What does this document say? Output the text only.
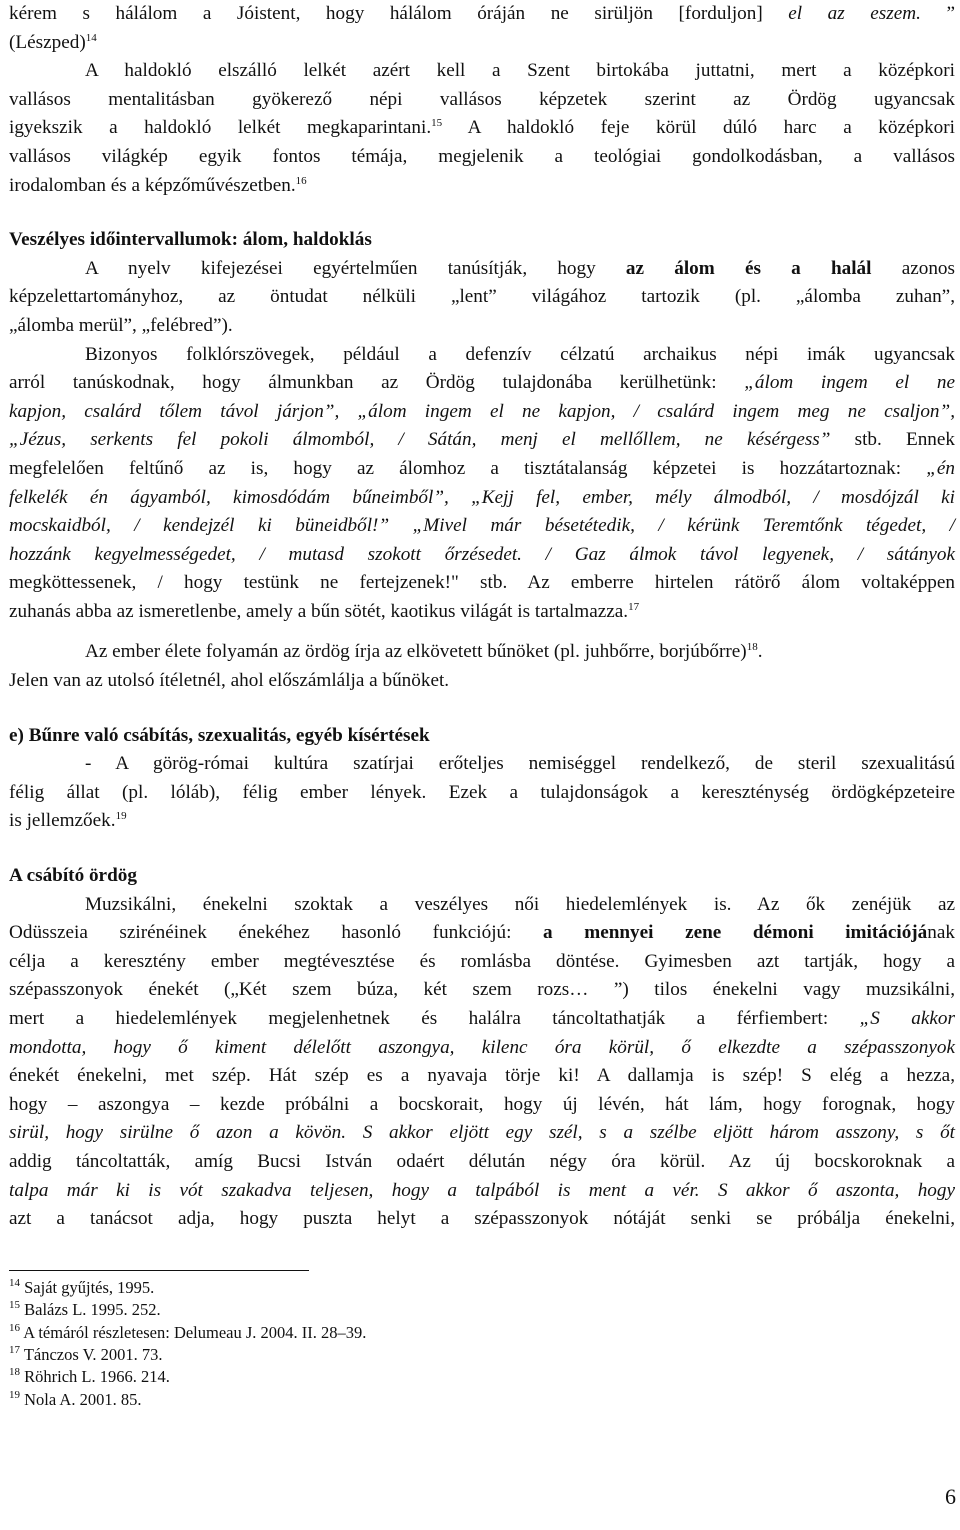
kérem s hálálom a Jóistent, hogy hálálom óráján ne sirüljön [forduljon] el az eszem. ”
(Lészped)$^{14}$
A haldokló elszálló lelkét azért kell a Szent birtokába juttatni, mert a középkori
vallásos mentalitásban gyökerező népi vallásos képzetek szerint az Ördög ugyancsak
igyekszik a haldokló lelkét megkaparintani.$^{15}$ A haldokló feje körül dúló harc a középkori
vallásos világkép egyik fontos témája, megjelenik a teológiai gondolkodásban, a vallásos
irodalomban és a képzőművészetben.$^{16}$
Veszélyes időintervallumok: álom, haldoklás
A nyelv kifejezései egyértelműen tanúsítják, hogy az álom és a halál azonos
képzelettartományhoz, az öntudat nélküli „lent” világához tartozik (pl. „álomba zuhan”,
„álomba merül”, „felébred”).
Bizonyos folklórszövegek, például a defenzív célzatú archaikus népi imák ugyancsak
arról tanúskodnak, hogy álmunkban az Ördög tulajdonába kerülhetünk: „álom ingem el ne
kapjon, csalárd tőlem távol járjon”, „álom ingem el ne kapjon, / csalárd ingem meg ne csaljon”,
„Jézus, serkents fel pokoli álmomból, / Sátán, menj el mellőllem, ne késérgess” stb. Ennek
megfelelően feltűnő az is, hogy az álomhoz a tisztátalanság képzetei is hozzátartoznak: „én
felkelék én ágyamból, kimosdódám bűneimből”, „Kejj fel, ember, mély álmodból, / mosdójzál ki
mocskaidból, / kendejzél ki büneidből!” „Mivel már bésetétedik, / kérünk Teremtőnk tégedet, /
hozzánk kegyelmességedet, / mutasd szokott őrzésedet. / Gaz álmok távol legyenek, / sátányok
megköttessenek, / hogy testünk ne fertejzenek!" stb. Az emberre hirtelen rátörő álom voltaképpen
zuhanás abba az ismeretlenbe, amely a bűn sötét, kaotikus világát is tartalmazza.$^{17}$
Az ember élete folyamán az ördög írja az elkövetett bűnöket (pl. juhbőrre, borjúbőrre)$^{18}$.
Jelen van az utolsó ítéletnél, ahol előszámlálja a bűnöket.
e) Bűnre való csábítás, szexualitás, egyéb kísértések
- A görög-római kultúra szatírjai erőteljes nemiséggel rendelkező, de steril szexualitású
félig állat (pl. lóláb), félig ember lények. Ezek a tulajdonságok a kereszténység ördögképzeteire
is jellemzőek.$^{19}$
A csábító ördög
Muzsikálni, énekelni szoktak a veszélyes női hiedelemlények is. Az ők zenéjük az
Odüsszeia szirénéinek énekéhez hasonló funkciójú: a mennyei zene démoni imitációjának
célja a keresztény ember megtévesztése és romlásba döntése. Gyimesben azt tartják, hogy a
szépasszonyok énekét („Két szem búza, két szem rozs… ”) tilos énekelni vagy muzsikálni,
mert a hiedelemlények megjelenhetnek és halálra táncoltathatják a férfiembert: „S akkor
mondotta, hogy ő kiment délelőtt aszongya, kilenc óra körül, ő elkezdte a szépasszonyok
énekét énekelni, met szép. Hát szép es a nyavaja törje ki! A dallamja is szép! S elég a hezza,
hogy – aszongya – kezde próbálni a bocskorait, hogy új lévén, hát lám, hogy forognak, hogy
sirül, hogy sirülne ő azon a kövön. S akkor eljött egy szél, s a szélbe eljött három asszony, s őt
addig táncoltatták, amíg Bucsi István odaért délután négy óra körül. Az új bocskoroknak a
talpa már ki is vót szakadva teljesen, hogy a talpából is ment a vér. S akkor ő aszonta, hogy
azt a tanácsot adja, hogy puszta helyt a szépasszonyok nótáját senki se próbálja énekelni,
$^{14}$ Saját gyűjtés, 1995.
$^{15}$ Balázs L. 1995. 252.
$^{16}$ A témáról részletesen: Delumeau J. 2004. II. 28–39.
$^{17}$ Tánczos V. 2001. 73.
$^{18}$ Röhrich L. 1966. 214.
$^{19}$ Nola A. 2001. 85.
6
